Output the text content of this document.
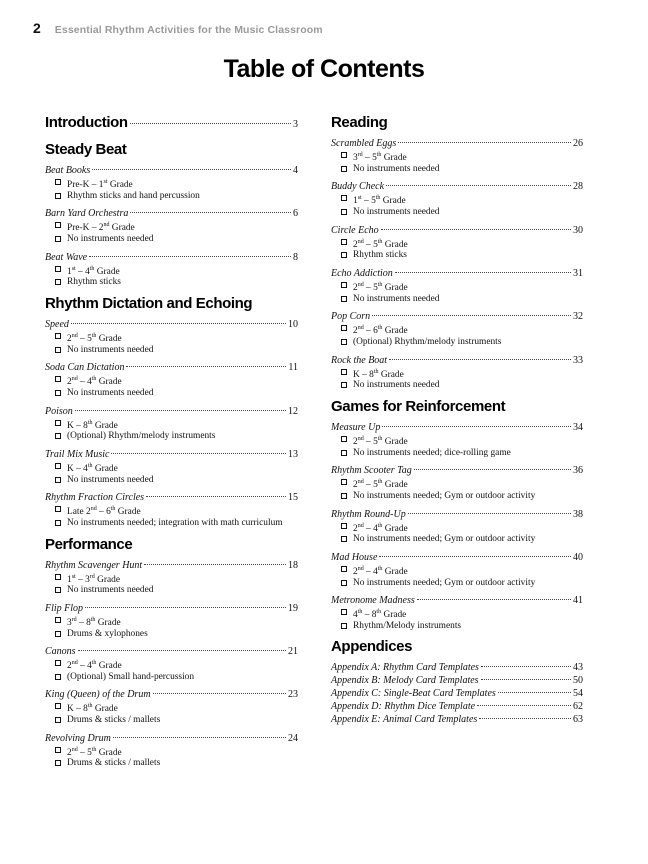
2 Essential Rhythm Activities for the Music Classroom
Table of Contents
Introduction	3
Steady Beat
Beat Books	4
Pre-K – 1st Grade
Rhythm sticks and hand percussion
Barn Yard Orchestra	6
Pre-K – 2nd Grade
No instruments needed
Beat Wave	8
1st – 4th Grade
Rhythm sticks
Rhythm Dictation and Echoing
Speed	10
2nd – 5th Grade
No instruments needed
Soda Can Dictation	11
2nd – 4th Grade
No instruments needed
Poison	12
K – 8th Grade
(Optional) Rhythm/melody instruments
Trail Mix Music	13
K – 4th Grade
No instruments needed
Rhythm Fraction Circles	15
Late 2nd – 6th Grade
No instruments needed; integration with math curriculum
Performance
Rhythm Scavenger Hunt	18
1st – 3rd Grade
No instruments needed
Flip Flop	19
3rd – 8th Grade
Drums & xylophones
Canons	21
2nd – 4th Grade
(Optional) Small hand-percussion
King (Queen) of the Drum	23
K – 8th Grade
Drums & sticks / mallets
Revolving Drum	24
2nd – 5th Grade
Drums & sticks / mallets
Reading
Scrambled Eggs	26
3rd – 5th Grade
No instruments needed
Buddy Check	28
1st – 5th Grade
No instruments needed
Circle Echo	30
2nd – 5th Grade
Rhythm sticks
Echo Addiction	31
2nd – 5th Grade
No instruments needed
Pop Corn	32
2nd – 6th Grade
(Optional) Rhythm/melody instruments
Rock the Boat	33
K – 8th Grade
No instruments needed
Games for Reinforcement
Measure Up	34
2nd – 5th Grade
No instruments needed; dice-rolling game
Rhythm Scooter Tag	36
2nd – 5th Grade
No instruments needed; Gym or outdoor activity
Rhythm Round-Up	38
2nd – 4th Grade
No instruments needed; Gym or outdoor activity
Mad House	40
2nd – 4th Grade
No instruments needed; Gym or outdoor activity
Metronome Madness	41
4th – 8th Grade
Rhythm/Melody instruments
Appendices
Appendix A: Rhythm Card Templates	43
Appendix B: Melody Card Templates	50
Appendix C: Single-Beat Card Templates	54
Appendix D: Rhythm Dice Template	62
Appendix E: Animal Card Templates	63
